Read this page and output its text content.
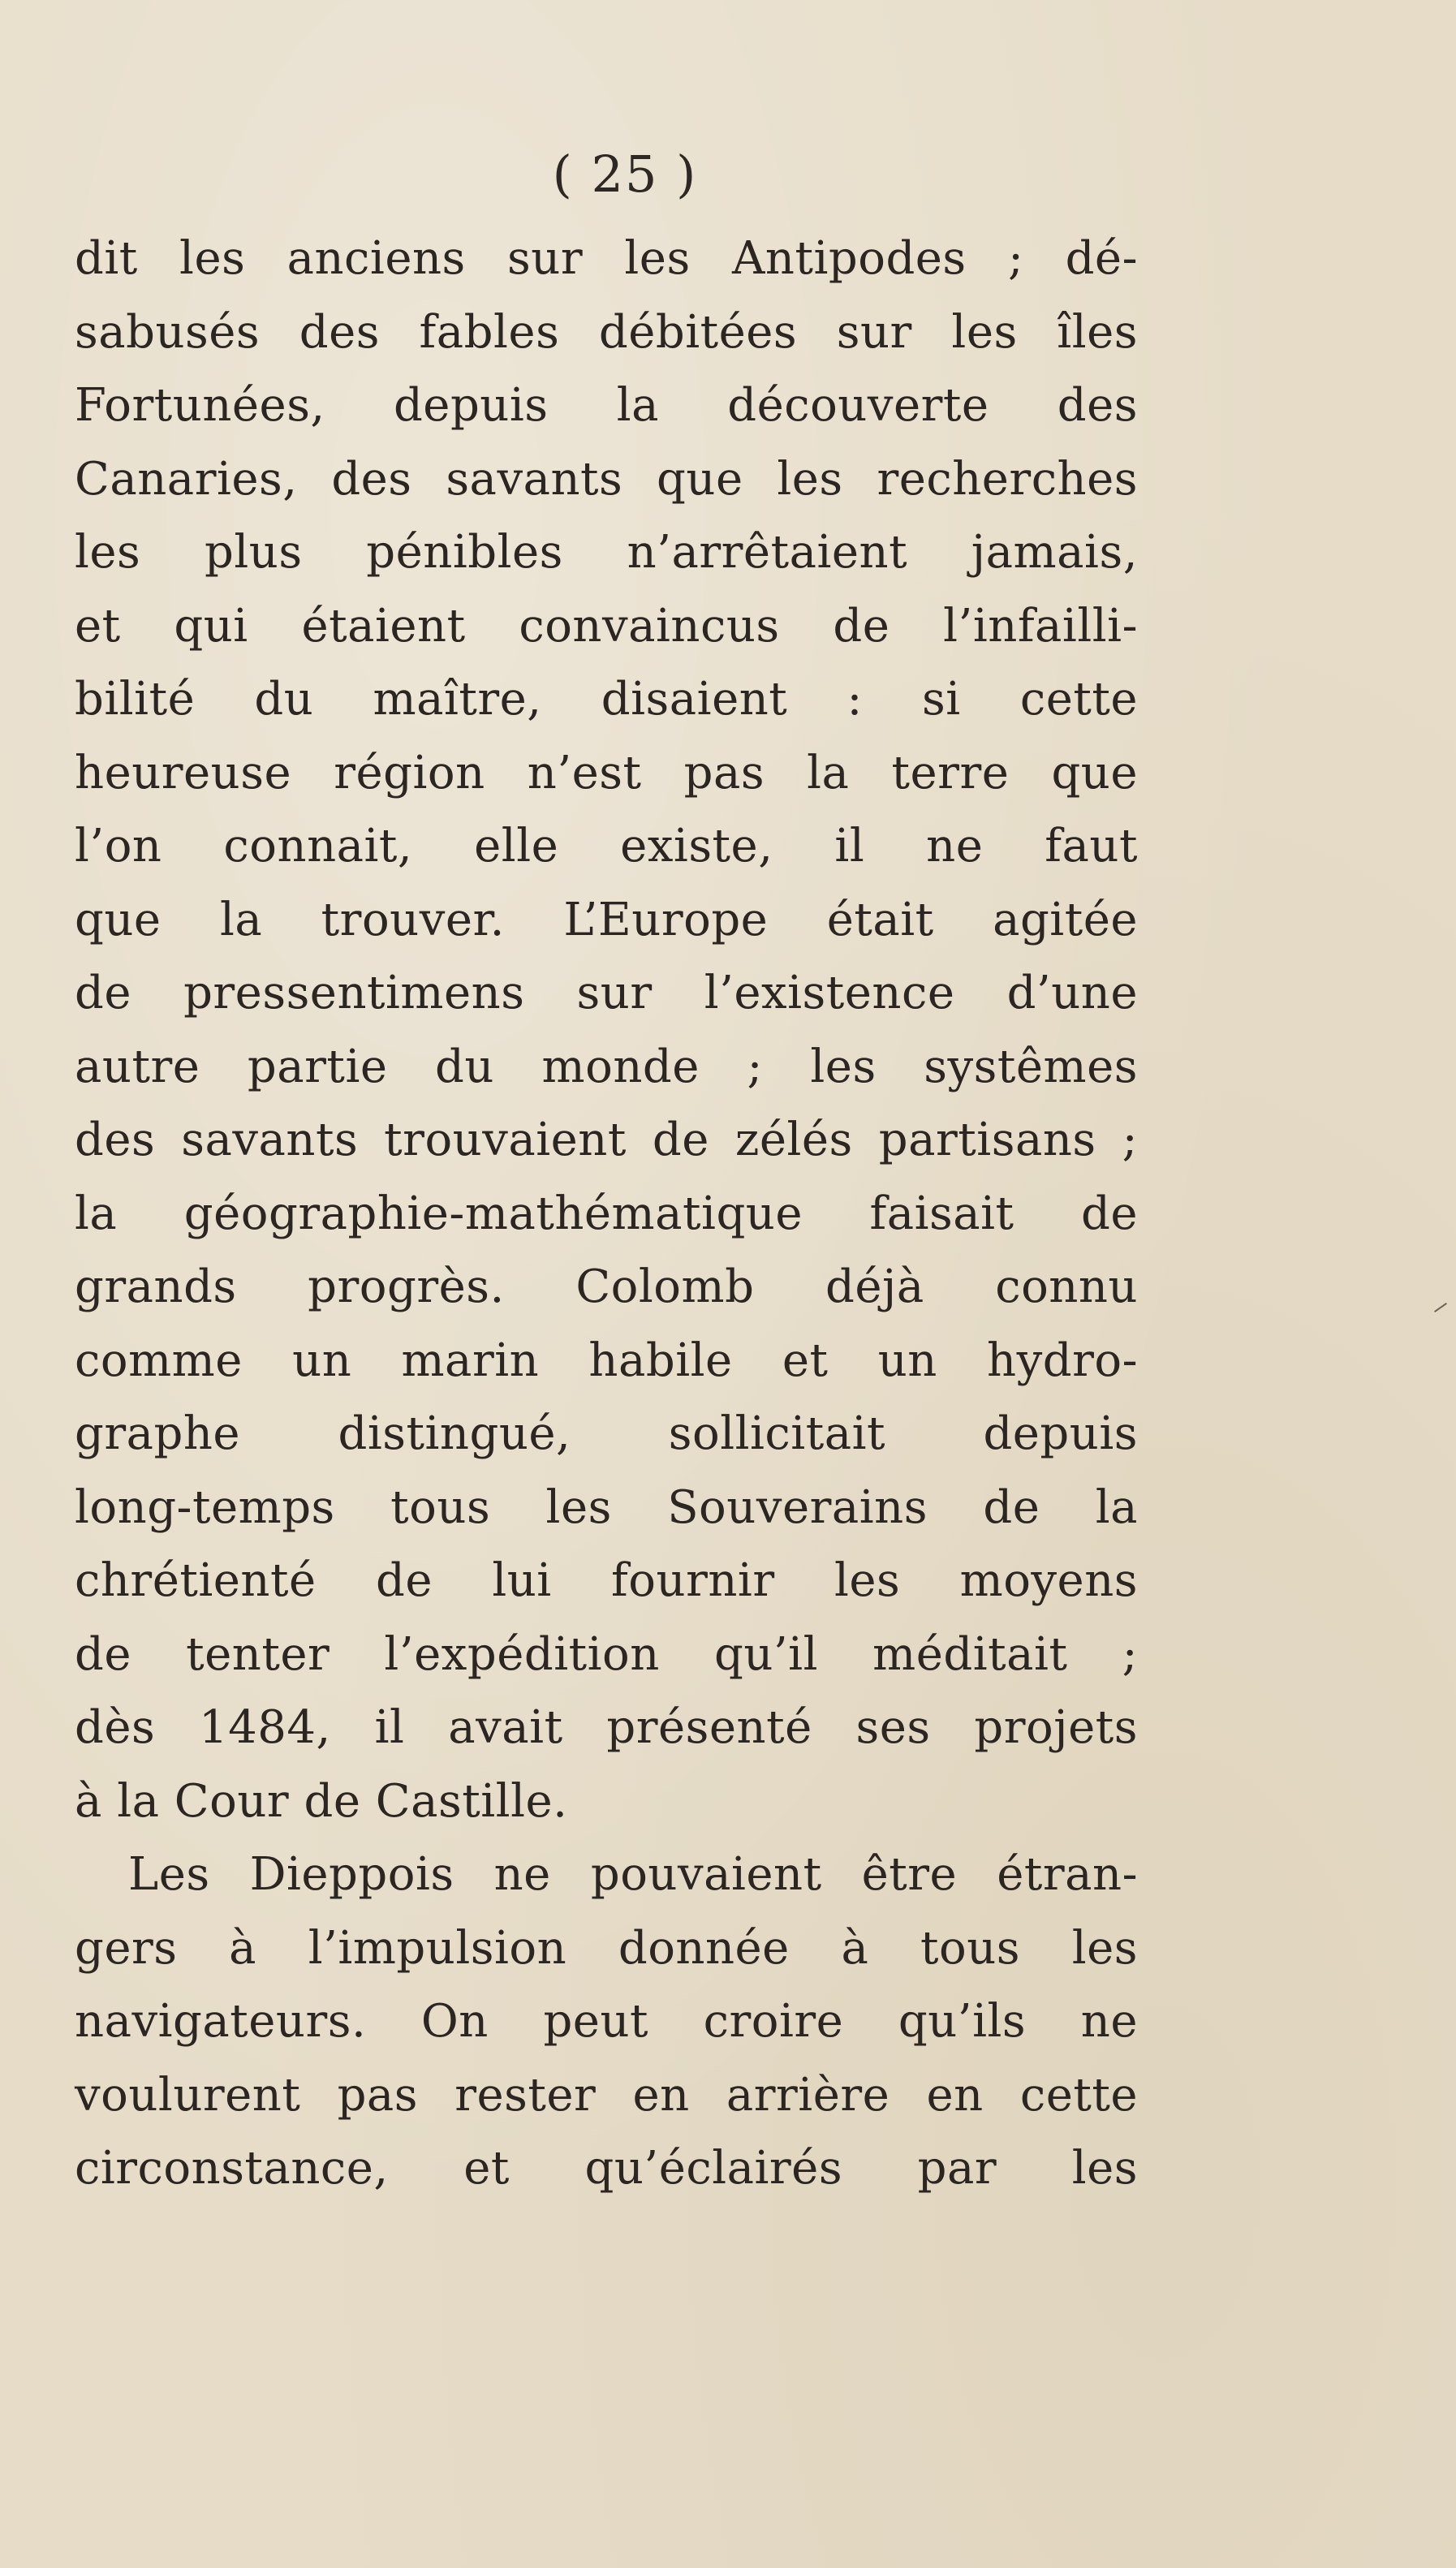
( 25 )
dit les anciens sur les Antipodes ; dé-
sabusés des fables débitées sur les îles
Fortunées, depuis la découverte des
Canaries, des savants que les recherches
les plus pénibles n’arrêtaient jamais,
et qui étaient convaincus de l’infailli-
bilité du maître, disaient : si cette
heureuse région n’est pas la terre que
l’on connait, elle existe, il ne faut
que la trouver. L’Europe était agitée
de pressentimens sur l’existence d’une
autre partie du monde ; les systêmes
des savants trouvaient de zélés partisans ;
la géographie-mathématique faisait de
grands progrès. Colomb déjà connu
comme un marin habile et un hydro-
graphe distingué, sollicitait depuis
long-temps tous les Souverains de la
chrétienté de lui fournir les moyens
de tenter l’expédition qu’il méditait ;
dès 1484, il avait présenté ses projets
à la Cour de Castille.
Les Dieppois ne pouvaient être étran-
gers à l’impulsion donnée à tous les
navigateurs. On peut croire qu’ils ne
voulurent pas rester en arrière en cette
circonstance, et qu’éclairés par les
